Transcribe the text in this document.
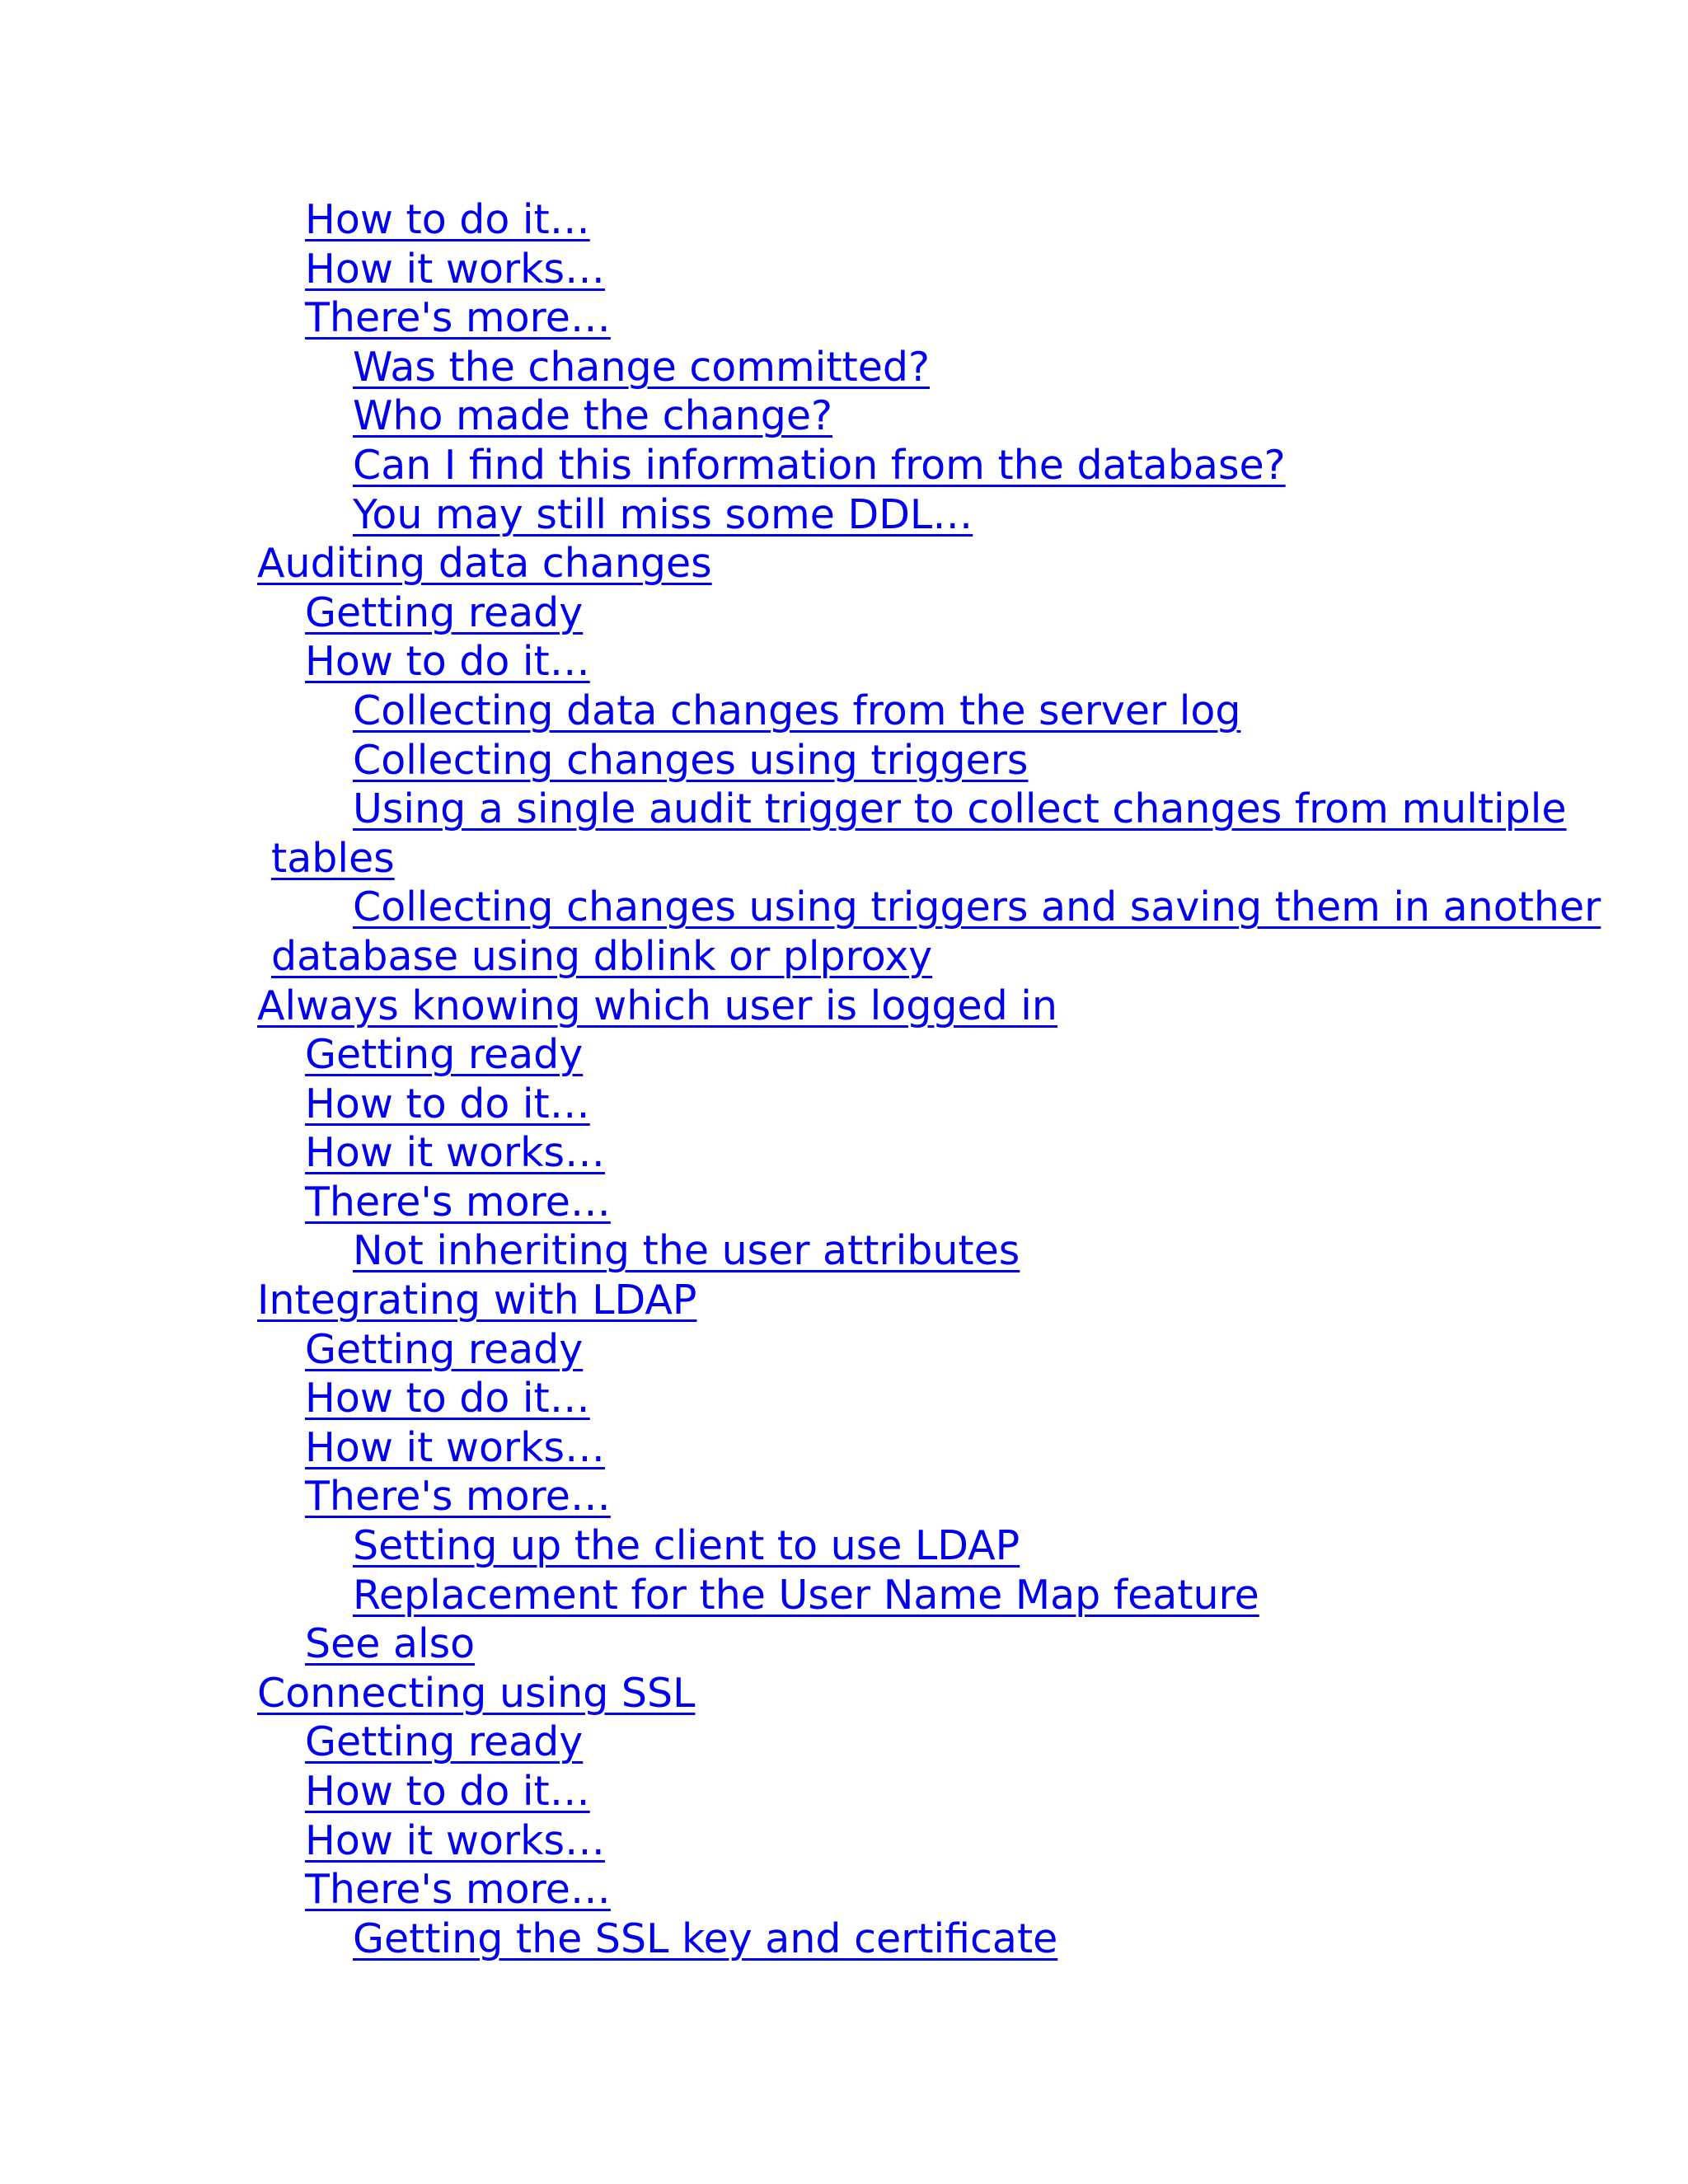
How to do it…
How it works…
There's more…
Was the change committed?
Who made the change?
Can I find this information from the database?
You may still miss some DDL…
Auditing data changes
Getting ready
How to do it…
Collecting data changes from the server log
Collecting changes using triggers
Using a single audit trigger to collect changes from multiple
tables
Collecting changes using triggers and saving them in another
database using dblink or plproxy
Always knowing which user is logged in
Getting ready
How to do it…
How it works…
There's more…
Not inheriting the user attributes
Integrating with LDAP
Getting ready
How to do it…
How it works…
There's more…
Setting up the client to use LDAP
Replacement for the User Name Map feature
See also
Connecting using SSL
Getting ready
How to do it…
How it works…
There's more…
Getting the SSL key and certificate
